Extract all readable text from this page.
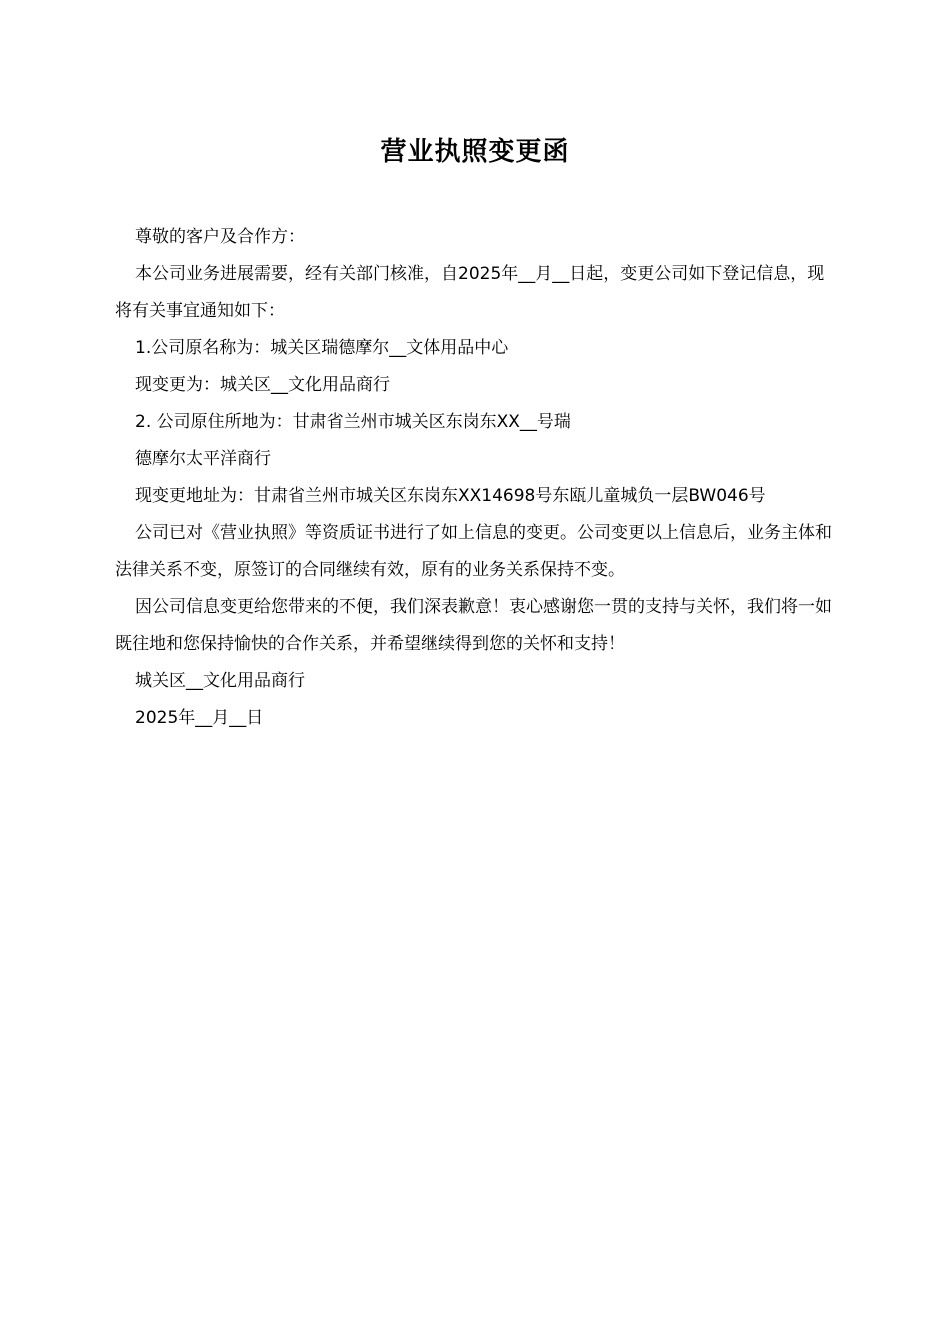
营业执照变更函

尊敬的客户及合作方：

本公司业务进展需要，经有关部门核准，自2025年__月__日起，变更公司如下登记信息，现将有关事宜通知如下：

1.公司原名称为：城关区瑞德摩尔__文体用品中心

现变更为：城关区__文化用品商行

2. 公司原住所地为：甘肃省兰州市城关区东岗东XX__号瑞

德摩尔太平洋商行

现变更地址为：甘肃省兰州市城关区东岗东XX14698号东瓯儿童城负一层BW046号

公司已对《营业执照》等资质证书进行了如上信息的变更。公司变更以上信息后，业务主体和法律关系不变，原签订的合同继续有效，原有的业务关系保持不变。

因公司信息变更给您带来的不便，我们深表歉意！衷心感谢您一贯的支持与关怀，我们将一如既往地和您保持愉快的合作关系，并希望继续得到您的关怀和支持！

城关区__文化用品商行

2025年__月__日
